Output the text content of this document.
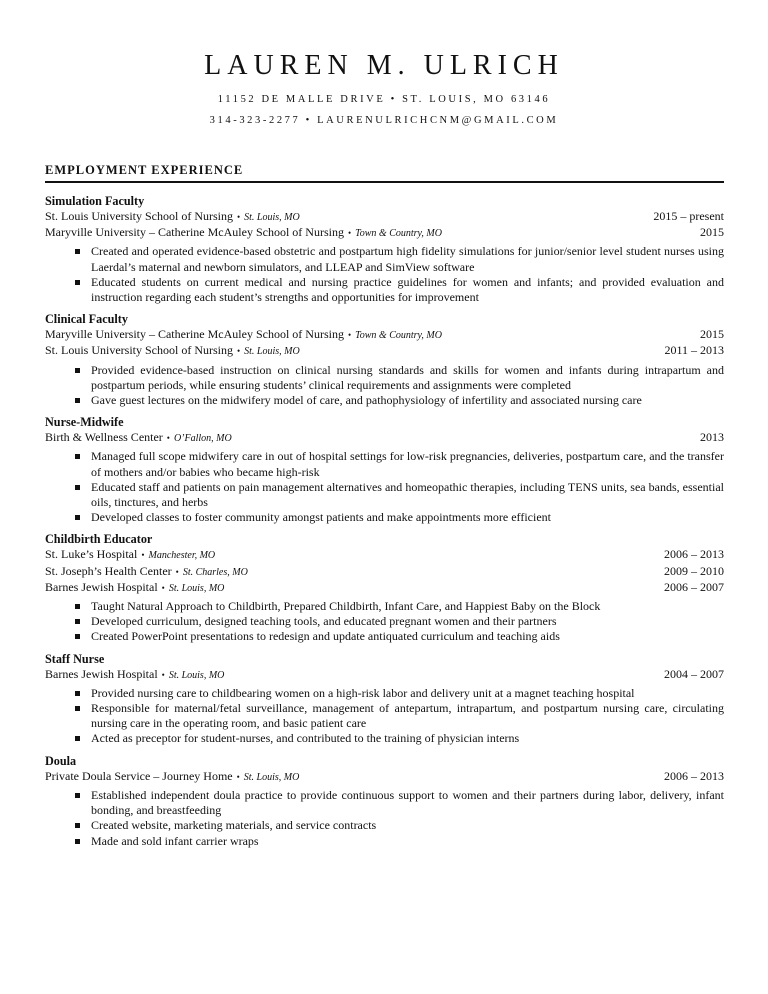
LAUREN M. ULRICH
11152 DE MALLE DRIVE • ST. LOUIS, MO 63146
314-323-2277 • LAURENULRICHCNM@GMAIL.COM
EMPLOYMENT EXPERIENCE
Simulation Faculty
St. Louis University School of Nursing • St. Louis, MO	2015 – present
Maryville University – Catherine McAuley School of Nursing • Town & Country, MO	2015
Created and operated evidence-based obstetric and postpartum high fidelity simulations for junior/senior level student nurses using Laerdal’s maternal and newborn simulators, and LLEAP and SimView software
Educated students on current medical and nursing practice guidelines for women and infants; and provided evaluation and instruction regarding each student’s strengths and opportunities for improvement
Clinical Faculty
Maryville University – Catherine McAuley School of Nursing • Town & Country, MO	2015
St. Louis University School of Nursing • St. Louis, MO	2011 – 2013
Provided evidence-based instruction on clinical nursing standards and skills for women and infants during intrapartum and postpartum periods, while ensuring students’ clinical requirements and assignments were completed
Gave guest lectures on the midwifery model of care, and pathophysiology of infertility and associated nursing care
Nurse-Midwife
Birth & Wellness Center • O’Fallon, MO	2013
Managed full scope midwifery care in out of hospital settings for low-risk pregnancies, deliveries, postpartum care, and the transfer of mothers and/or babies who became high-risk
Educated staff and patients on pain management alternatives and homeopathic therapies, including TENS units, sea bands, essential oils, tinctures, and herbs
Developed classes to foster community amongst patients and make appointments more efficient
Childbirth Educator
St. Luke’s Hospital • Manchester, MO	2006 – 2013
St. Joseph’s Health Center • St. Charles, MO	2009 – 2010
Barnes Jewish Hospital • St. Louis, MO	2006 – 2007
Taught Natural Approach to Childbirth, Prepared Childbirth, Infant Care, and Happiest Baby on the Block
Developed curriculum, designed teaching tools, and educated pregnant women and their partners
Created PowerPoint presentations to redesign and update antiquated curriculum and teaching aids
Staff Nurse
Barnes Jewish Hospital • St. Louis, MO	2004 – 2007
Provided nursing care to childbearing women on a high-risk labor and delivery unit at a magnet teaching hospital
Responsible for maternal/fetal surveillance, management of antepartum, intrapartum, and postpartum nursing care, circulating nursing care in the operating room, and basic patient care
Acted as preceptor for student-nurses, and contributed to the training of physician interns
Doula
Private Doula Service – Journey Home • St. Louis, MO	2006 – 2013
Established independent doula practice to provide continuous support to women and their partners during labor, delivery, infant bonding, and breastfeeding
Created website, marketing materials, and service contracts
Made and sold infant carrier wraps
